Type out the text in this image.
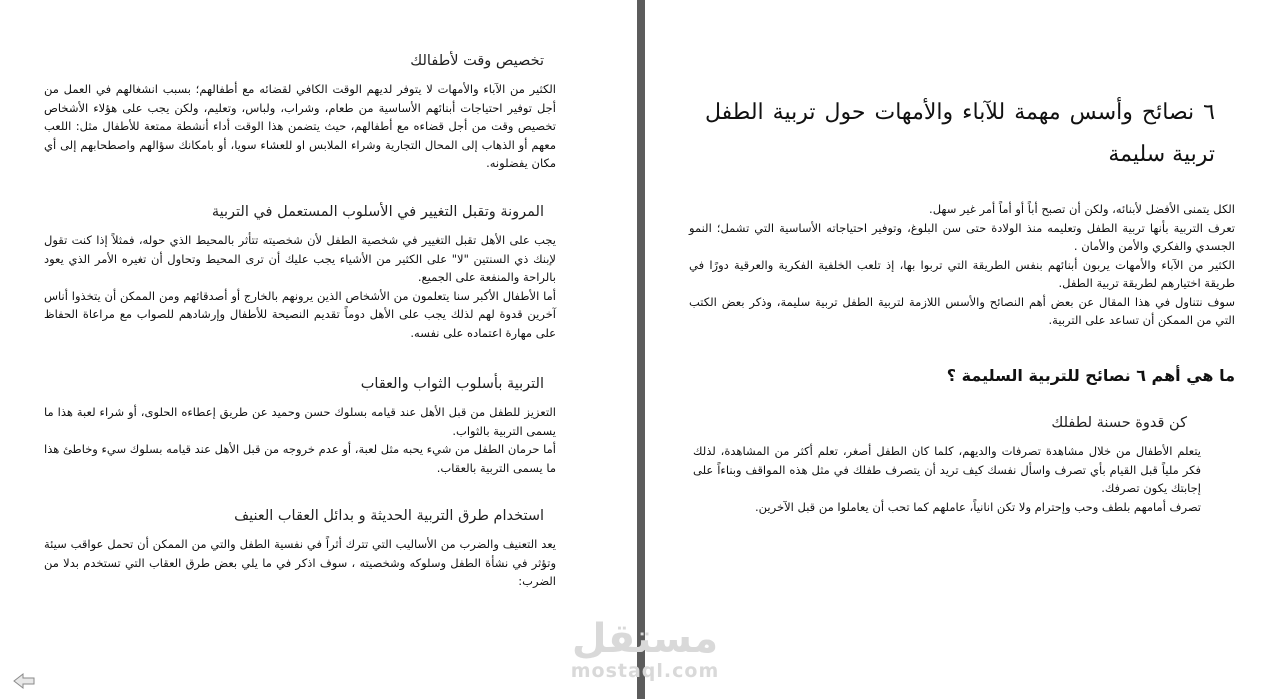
تخصيص وقت لأطفالك

الكثير من الآباء والأمهات لا يتوفر لديهم الوقت الكافي لقضائه مع أطفالهم؛ بسبب انشغالهم في العمل من أجل توفير احتياجات أبنائهم الأساسية من طعام، وشراب، ولباس، وتعليم، ولكن يجب على هؤلاء الأشخاص تخصيص وقت من أجل قضاءه مع أطفالهم، حيث يتضمن هذا الوقت أداء أنشطة ممتعة للأطفال مثل: اللعب معهم أو الذهاب إلى المحال التجارية وشراء الملابس او للعشاء سويا، أو بامكانك سؤالهم واصطحابهم إلى أي مكان يفضلونه.

المرونة وتقبل التغيير في الأسلوب المستعمل في التربية

يجب على الأهل تقبل التغيير في شخصية الطفل لأن شخصيته تتأثر بالمحيط الذي حوله، فمثلاً إذا كنت تقول لإبنك ذي السنتين "لا" على الكثير من الأشياء يجب عليك أن ترى المحيط وتحاول أن تغيره الأمر الذي يعود بالراحة والمنفعة على الجميع.

أما الأطفال الأكبر سنا يتعلمون من الأشخاص الذين يرونهم بالخارج أو أصدقائهم ومن الممكن أن يتخذوا أناس آخرين قدوة لهم لذلك يجب على الأهل دوماً تقديم النصيحة للأطفال وإرشادهم للصواب مع مراعاة الحفاظ على مهارة اعتماده على نفسه.

التربية بأسلوب الثواب والعقاب

التعزيز للطفل من قبل الأهل عند قيامه بسلوك حسن وحميد عن طريق إعطاءه الحلوى، أو شراء لعبة هذا ما يسمى التربية بالثواب.

أما حرمان الطفل من شيء يحبه مثل لعبة، أو عدم خروجه من قبل الأهل عند قيامه بسلوك سيء وخاطئ هذا ما يسمى التربية بالعقاب.

استخدام طرق التربية الحديثة و بدائل العقاب العنيف

يعد التعنيف والضرب من الأساليب التي تترك أثراً في نفسية الطفل والتي من الممكن أن تحمل عواقب سيئة وتؤثر في نشأة الطفل وسلوكه وشخصيته ، سوف اذكر في ما يلي بعض طرق العقاب التي تستخدم بدلا من الضرب:

٦ نصائح وأسس مهمة للآباء والأمهات حول تربية الطفل تربية سليمة

الكل يتمنى الأفضل لأبنائه، ولكن أن تصبح أباً أو أماً أمر غير سهل.

تعرف التربية بأنها تربية الطفل وتعليمه منذ الولادة حتى سن البلوغ، وتوفير احتياجاته الأساسية التي تشمل؛ النمو الجسدي والفكري والأمن والأمان .

الكثير من الآباء والأمهات يربون أبنائهم بنفس الطريقة التي تربوا بها، إذ تلعب الخلفية الفكرية والعرقية دورًا في طريقة اختيارهم لطريقة تربية الطفل.

سوف نتناول في هذا المقال عن بعض أهم النصائح والأسس اللازمة لتربية الطفل تربية سليمة، وذكر بعض الكتب التي من الممكن أن تساعد على التربية.

ما هي أهم ٦ نصائح للتربية السليمة ؟
كن قدوة حسنة لطفلك

يتعلم الأطفال من خلال مشاهدة تصرفات والديهم، كلما كان الطفل أصغر، تعلم أكثر من المشاهدة، لذلك فكر ملياً قبل القيام بأي تصرف واسأل نفسك كيف تريد أن يتصرف طفلك في مثل هذه المواقف وبناءاً على إجابتك يكون تصرفك.

تصرف أمامهم بلطف وحب وإحترام ولا تكن انانياً، عاملهم كما تحب أن يعاملوا من قبل الآخرين.

مستقل
mostaql.com
